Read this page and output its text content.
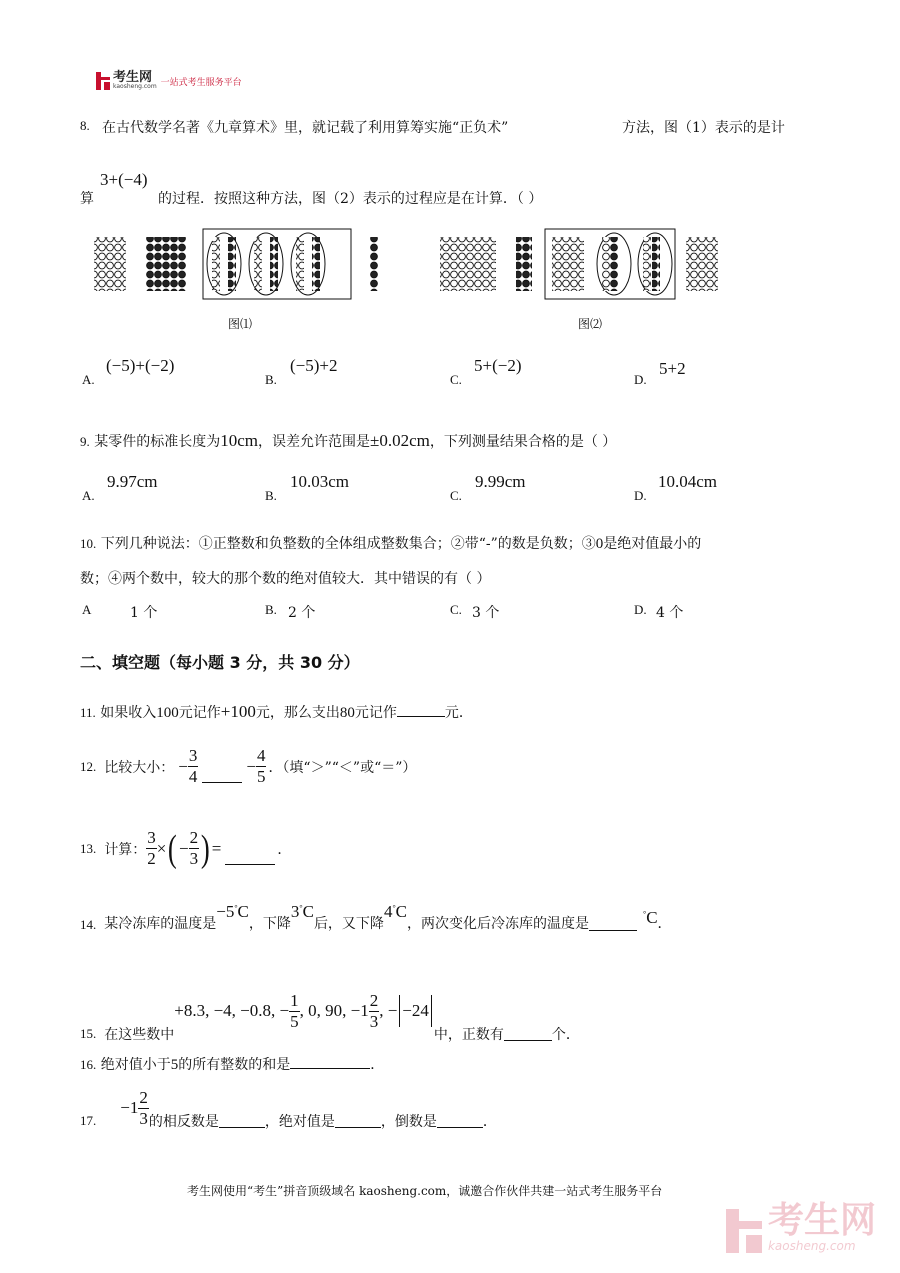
考生网
kaosheng.com 一站式考生服务平台
8. 在古代数学名著《九章算术》里，就记载了利用算筹实施“正负术”	方法，图（1）表示的是计
算
3+(−4)
的过程．按照这种方法，图（2）表示的过程应是在计算．（ ）
图⑴	图⑵
A.
(−5)+(−2)
B.
(−5)+2
C.
5+(−2)
D.
5+2
9. 某零件的标准长度为10cm，误差允许范围是±0.02cm，下列测量结果合格的是（ ）
A.
9.97cm
B.
10.03cm
C.
9.99cm
D.
10.04cm
10. 下列几种说法：①正整数和负整数的全体组成整数集合；②带“-”的数是负数；③0是绝对值最小的
数；④两个数中，较大的那个数的绝对值较大．其中错误的有（ ）
A	1 个	B. 2 个	C. 3 个	D. 4 个
二、填空题（每小题 3 分，共 30 分）
11. 如果收入100元记作+100元，那么支出80元记作	元．
12. 比较大小： − $\frac{3}{4}$	− $\frac{4}{5}$ ．（填“＞”“＜”或“＝”）
13. 计算： $\frac{3}{2}$ × ( − $\frac{2}{3}$ ) =	．
14. 某冷冻库的温度是
−5°C
，下降
3°C
后，又下降
4°C
，两次变化后冷冻库的温度是
°C ．
15. 在这些数中
+8.3, −4, −0.8, − $\frac{1}{5}$ , 0, 90, $-1 \frac{2}{3}$ , − −24
中，正数有	个．
16. 绝对值小于5的所有整数的和是	．
17.
$-1 \frac{2}{3}$ 的相反数是	，绝对值是	，倒数是	．
考生网使用“考生”拼音顶级域名 kaosheng.com，诚邀合作伙伴共建一站式考生服务平台
考生网
kaosheng.com
